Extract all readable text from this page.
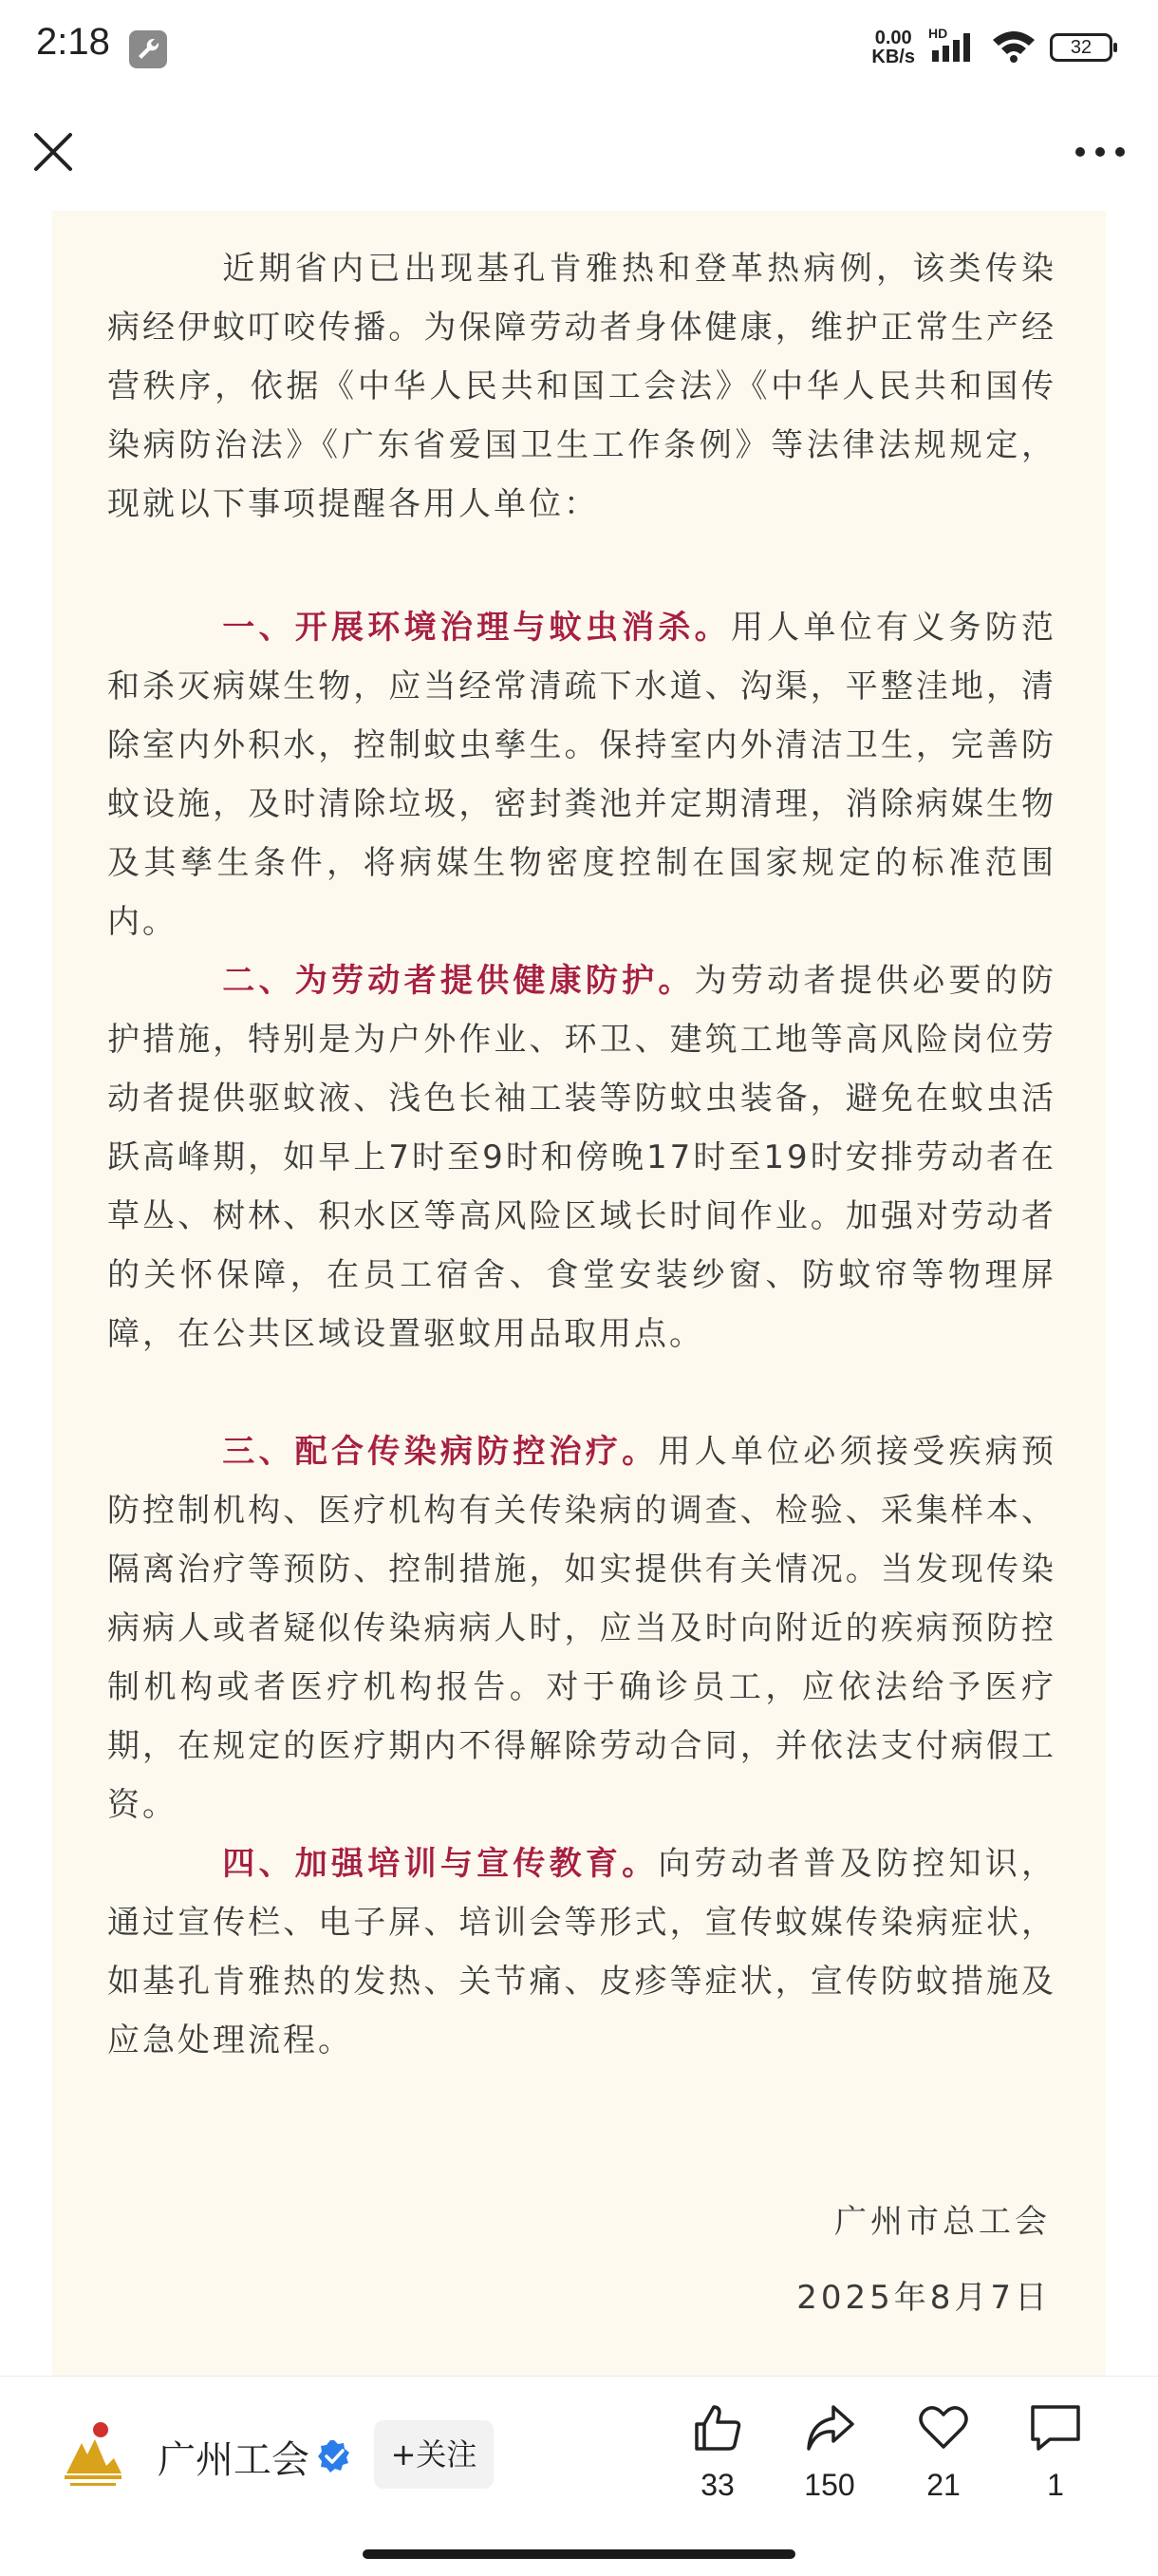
2:18	0.00
KB/s
HD
32

近期省内已出现基孔肯雅热和登革热病例，该类传染病经伊蚊叮咬传播。为保障劳动者身体健康，维护正常生产经营秩序，依据《中华人民共和国工会法》《中华人民共和国传染病防治法》《广东省爱国卫生工作条例》等法律法规规定，现就以下事项提醒各用人单位：

一、开展环境治理与蚊虫消杀。用人单位有义务防范和杀灭病媒生物，应当经常清疏下水道、沟渠，平整洼地，清除室内外积水，控制蚊虫孳生。保持室内外清洁卫生，完善防蚊设施，及时清除垃圾，密封粪池并定期清理，消除病媒生物及其孳生条件，将病媒生物密度控制在国家规定的标准范围内。

二、为劳动者提供健康防护。为劳动者提供必要的防护措施，特别是为户外作业、环卫、建筑工地等高风险岗位劳动者提供驱蚊液、浅色长袖工装等防蚊虫装备，避免在蚊虫活跃高峰期，如早上7时至9时和傍晚17时至19时安排劳动者在草丛、树林、积水区等高风险区域长时间作业。加强对劳动者的关怀保障，在员工宿舍、食堂安装纱窗、防蚊帘等物理屏障，在公共区域设置驱蚊用品取用点。

三、配合传染病防控治疗。用人单位必须接受疾病预防控制机构、医疗机构有关传染病的调查、检验、采集样本、隔离治疗等预防、控制措施，如实提供有关情况。当发现传染病病人或者疑似传染病病人时，应当及时向附近的疾病预防控制机构或者医疗机构报告。对于确诊员工，应依法给予医疗期，在规定的医疗期内不得解除劳动合同，并依法支付病假工资。

四、加强培训与宣传教育。向劳动者普及防控知识，通过宣传栏、电子屏、培训会等形式，宣传蚊媒传染病症状，如基孔肯雅热的发热、关节痛、皮疹等症状，宣传防蚊措施及应急处理流程。

广州市总工会
2025年8月7日
广州工会	+关注
33	150	21	1
